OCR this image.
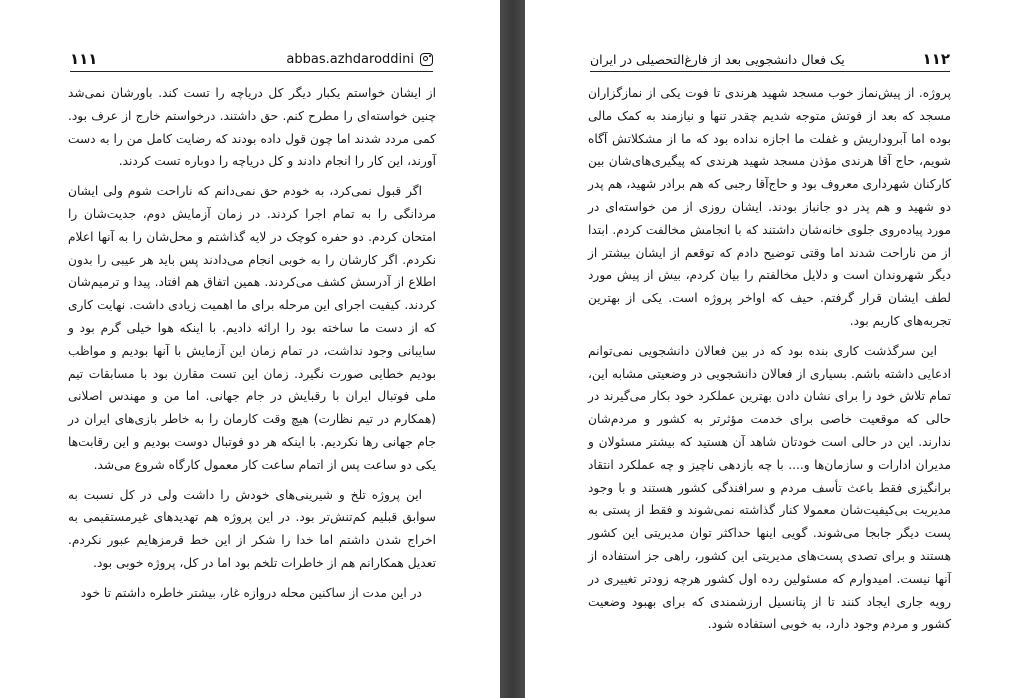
۱۱۱	abbas.azhdaroddini

از ایشان خواستم یکبار دیگر کل دریاچه را تست کند. باورشان نمی‌شد چنین خواسته‌ای را مطرح کنم. حق داشتند. درخواستم خارج از عرف بود. کمی مردد شدند اما چون قول داده بودند که رضایت کامل من را به دست آورند، این کار را انجام دادند و کل دریاچه را دوباره تست کردند.

اگر قبول نمی‌کرد، به خودم حق نمی‌دانم که ناراحت شوم ولی ایشان مردانگی را به تمام اجرا کردند. در زمان آزمایش دوم، جدیت‌شان را امتحان کردم. دو حفره کوچک در لایه گذاشتم و محل‌شان را به آنها اعلام نکردم. اگر کارشان را به خوبی انجام می‌دادند پس باید هر عیبی را بدون اطلاع از آدرسش کشف می‌کردند. همین اتفاق هم افتاد. پیدا و ترمیم‌شان کردند. کیفیت اجرای این مرحله برای ما اهمیت زیادی داشت. نهایت کاری که از دست ما ساخته بود را ارائه دادیم. با اینکه هوا خیلی گرم بود و سایبانی وجود نداشت، در تمام زمان این آزمایش با آنها بودیم و مواظب بودیم خطایی صورت نگیرد. زمان این تست مقارن بود با مسابقات تیم ملی فوتبال ایران با رقبایش در جام جهانی. اما من و مهندس اصلانی (همکارم در تیم نظارت) هیچ وقت کارمان را به خاطر بازی‌های ایران در جام جهانی رها نکردیم. با اینکه هر دو فوتبال دوست بودیم و این رقابت‌ها یکی دو ساعت پس از اتمام ساعت کار معمول کارگاه شروع می‌شد.

این پروژه تلخ و شیرینی‌های خودش را داشت ولی در کل نسبت به سوابق قبلیم کم‌تنش‌تر بود. در این پروژه هم تهدیدهای غیرمستقیمی به اخراج شدن داشتم اما خدا را شکر از این خط قرمزهایم عبور نکردم. تعدیل همکارانم هم از خاطرات تلخم بود اما در کل، پروژه خوبی بود.

در این مدت از ساکنین محله دروازه غار، بیشتر خاطره داشتم تا خود

یک فعال دانشجویی بعد از فارغ‌التحصیلی در ایران	۱۱۲

پروژه. از پیش‌نماز خوب مسجد شهید هرندی تا فوت یکی از نمازگزاران مسجد که بعد از فوتش متوجه شدیم چقدر تنها و نیازمند به کمک مالی بوده اما آبروداریش و غفلت ما اجازه نداده بود که ما از مشکلاتش آگاه شویم، حاج آقا هرندی مؤذن مسجد شهید هرندی که پیگیری‌های‌شان بین کارکنان شهرداری معروف بود و حاج‌آقا رجبی که هم برادر شهید، هم پدر دو شهید و هم پدر دو جانباز بودند. ایشان روزی از من خواسته‌ای در مورد پیاده‌روی جلوی خانه‌شان داشتند که با انجامش مخالفت کردم. ابتدا از من ناراحت شدند اما وقتی توضیح دادم که توقعم از ایشان بیشتر از دیگر شهروندان است و دلایل مخالفتم را بیان کردم، بیش از پیش مورد لطف ایشان قرار گرفتم. حیف که اواخر پروژه است. یکی از بهترین تجربه‌های کاریم بود.

این سرگذشت کاری بنده بود که در بین فعالان دانشجویی نمی‌توانم ادعایی داشته باشم. بسیاری از فعالان دانشجویی در وضعیتی مشابه این، تمام تلاش خود را برای نشان دادن بهترین عملکرد خود بکار می‌گیرند در حالی که موقعیت خاصی برای خدمت مؤثرتر به کشور و مردم‌شان ندارند. این در حالی است خودتان شاهد آن هستید که بیشتر مسئولان و مدیران ادارات و سازمان‌ها و.... با چه بازدهی ناچیز و چه عملکرد انتقاد برانگیزی فقط باعث تأسف مردم و سرافندگی کشور هستند و با وجود مدیریت بی‌کیفیت‌شان معمولا کنار گذاشته نمی‌شوند و فقط از پستی به پست دیگر جابجا می‌شوند. گویی اینها حداکثر توان مدیریتی این کشور هستند و برای تصدی پست‌های مدیریتی این کشور، راهی جز استفاده از آنها نیست. امیدوارم که مسئولین رده اول کشور هرچه زودتر تغییری در رویه جاری ایجاد کنند تا از پتانسیل ارزشمندی که برای بهبود وضعیت کشور و مردم وجود دارد، به خوبی استفاده شود.
